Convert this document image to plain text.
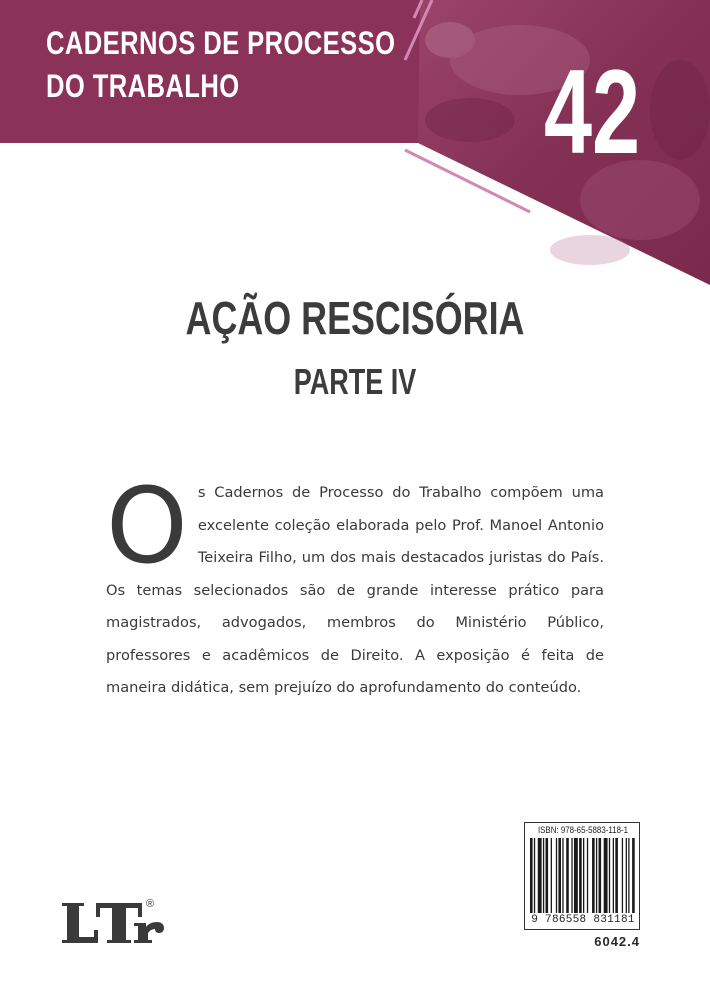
CADERNOS DE PROCESSO
DO TRABALHO	42
AÇÃO RESCISÓRIA
PARTE IV
O s Cadernos de Processo do Trabalho compõem uma excelente coleção elaborada pelo Prof. Manoel Antonio Teixeira Filho, um dos mais destacados juristas do País. Os temas selecionados são de grande interesse prático para magistrados, advogados, membros do Ministério Público, professores e acadêmicos de Direito. A exposição é feita de maneira didática, sem prejuízo do aprofundamento do conteúdo.
ISBN: 978-65-5883-118-1
9 786558 831181
6042.4
®
